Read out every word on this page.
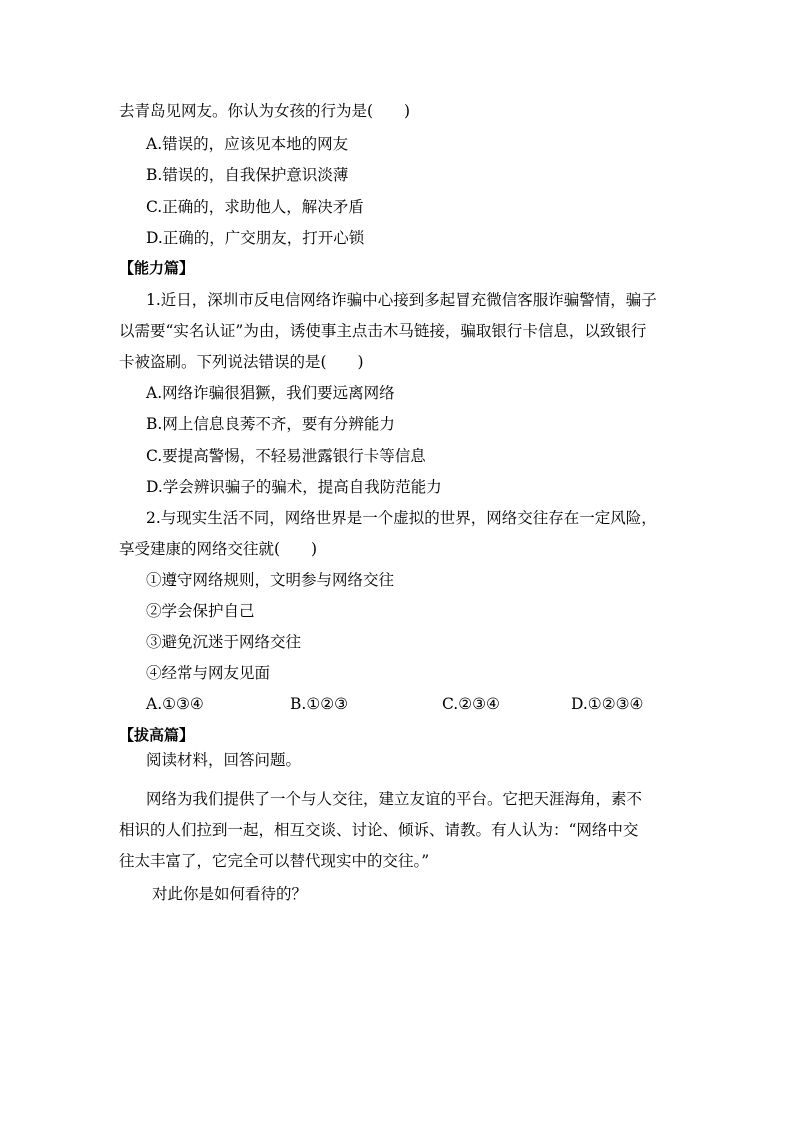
去青岛见网友。你认为女孩的行为是(　　)
A.错误的，应该见本地的网友
B.错误的，自我保护意识淡薄
C.正确的，求助他人，解决矛盾
D.正确的，广交朋友，打开心锁
【能力篇】
1.近日，深圳市反电信网络诈骗中心接到多起冒充微信客服诈骗警情，骗子
以需要“实名认证”为由，诱使事主点击木马链接，骗取银行卡信息，以致银行
卡被盗刷。下列说法错误的是(　　)
A.网络诈骗很猖獗，我们要远离网络
B.网上信息良莠不齐，要有分辨能力
C.要提高警惕，不轻易泄露银行卡等信息
D.学会辨识骗子的骗术，提高自我防范能力
2.与现实生活不同，网络世界是一个虚拟的世界，网络交往存在一定风险，
享受建康的网络交往就(　　)
①遵守网络规则，文明参与网络交往
②学会保护自己
③避免沉迷于网络交往
④经常与网友见面
A.①③④	B.①②③	C.②③④	D.①②③④
【拔高篇】
阅读材料，回答问题。
网络为我们提供了一个与人交往，建立友谊的平台。它把天涯海角，素不
相识的人们拉到一起，相互交谈、讨论、倾诉、请教。有人认为：“网络中交
往太丰富了，它完全可以替代现实中的交往。”
对此你是如何看待的？
